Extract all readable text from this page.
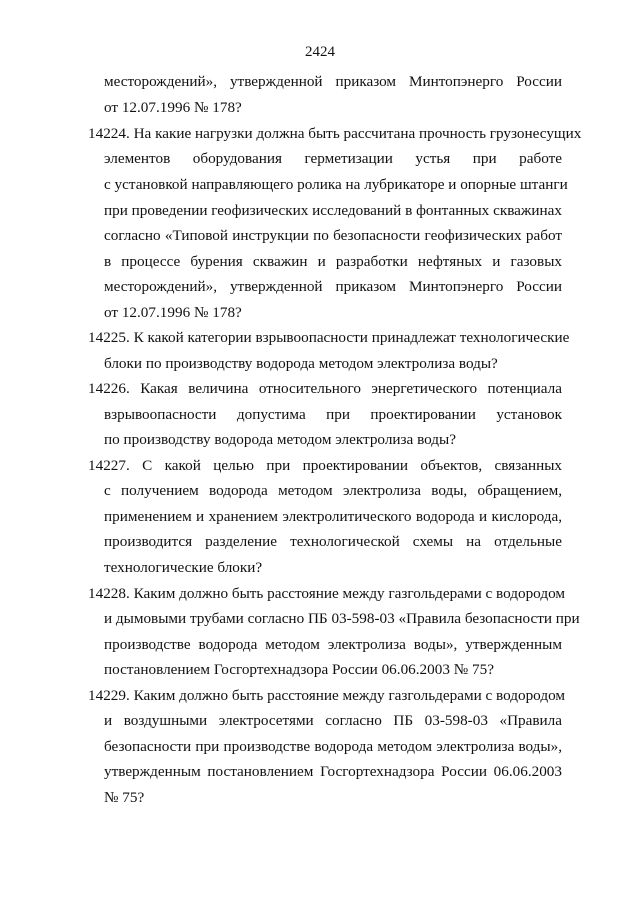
2424
месторождений», утвержденной приказом Минтопэнерго России
от 12.07.1996 № 178?
14224. На какие нагрузки должна быть рассчитана прочность грузонесущих
элементов оборудования герметизации устья при работе
с установкой направляющего ролика на лубрикаторе и опорные штанги
при проведении геофизических исследований в фонтанных скважинах
согласно «Типовой инструкции по безопасности геофизических работ
в процессе бурения скважин и разработки нефтяных и газовых
месторождений», утвержденной приказом Минтопэнерго России
от 12.07.1996 № 178?
14225. К какой категории взрывоопасности принадлежат технологические
блоки по производству водорода методом электролиза воды?
14226. Какая величина относительного энергетического потенциала
взрывоопасности допустима при проектировании установок
по производству водорода методом электролиза воды?
14227. С какой целью при проектировании объектов, связанных
с получением водорода методом электролиза воды, обращением,
применением и хранением электролитического водорода и кислорода,
производится разделение технологической схемы на отдельные
технологические блоки?
14228. Каким должно быть расстояние между газгольдерами с водородом
и дымовыми трубами согласно ПБ 03-598-03 «Правила безопасности при
производстве водорода методом электролиза воды», утвержденным
постановлением Госгортехнадзора России 06.06.2003 № 75?
14229. Каким должно быть расстояние между газгольдерами с водородом
и воздушными электросетями согласно ПБ 03-598-03 «Правила
безопасности при производстве водорода методом электролиза воды»,
утвержденным постановлением Госгортехнадзора России 06.06.2003
№ 75?
